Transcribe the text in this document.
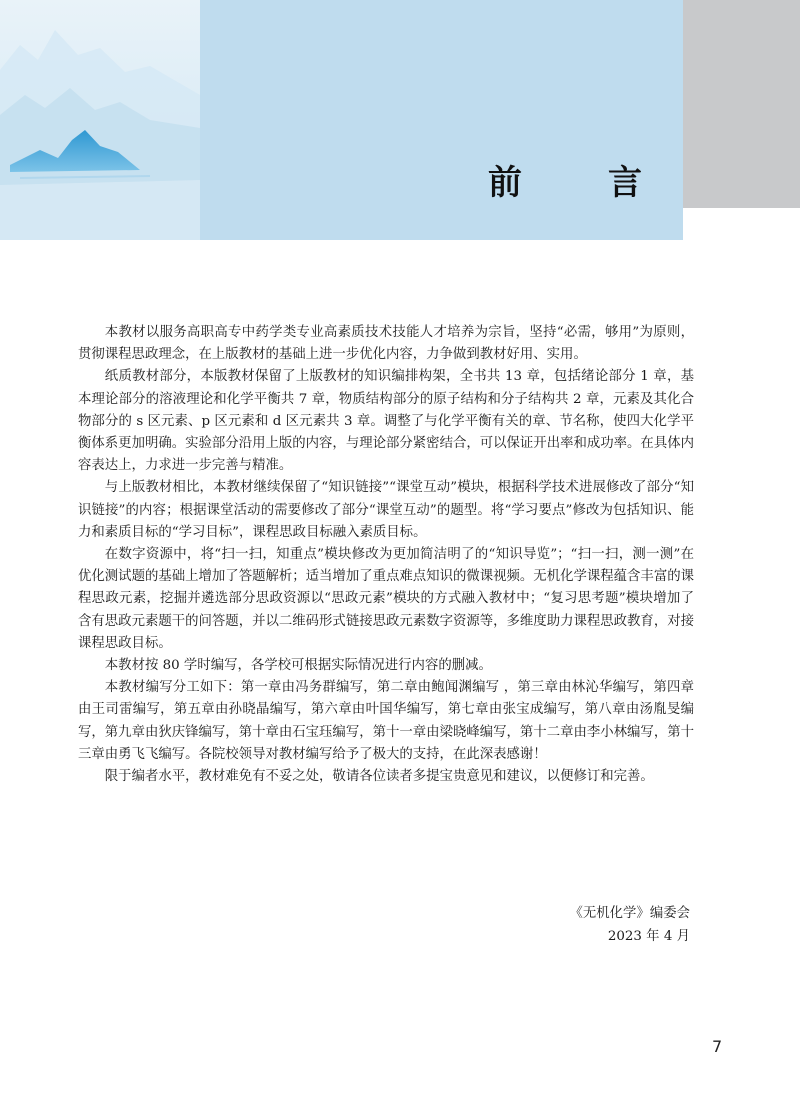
前　言

本教材以服务高职高专中药学类专业高素质技术技能人才培养为宗旨，坚持“必需，够用”为原则，贯彻课程思政理念，在上版教材的基础上进一步优化内容，力争做到教材好用、实用。

纸质教材部分，本版教材保留了上版教材的知识编排构架，全书共 13 章，包括绪论部分 1 章，基本理论部分的溶液理论和化学平衡共 7 章，物质结构部分的原子结构和分子结构共 2 章，元素及其化合物部分的 s 区元素、p 区元素和 d 区元素共 3 章。调整了与化学平衡有关的章、节名称，使四大化学平衡体系更加明确。实验部分沿用上版的内容，与理论部分紧密结合，可以保证开出率和成功率。在具体内容表达上，力求进一步完善与精准。

与上版教材相比，本教材继续保留了“知识链接”“课堂互动”模块，根据科学技术进展修改了部分“知识链接”的内容；根据课堂活动的需要修改了部分“课堂互动”的题型。将“学习要点”修改为包括知识、能力和素质目标的“学习目标”，课程思政目标融入素质目标。

在数字资源中，将“扫一扫，知重点”模块修改为更加简洁明了的“知识导览”；“扫一扫，测一测”在优化测试题的基础上增加了答题解析；适当增加了重点难点知识的微课视频。无机化学课程蕴含丰富的课程思政元素，挖掘并遴选部分思政资源以“思政元素”模块的方式融入教材中；“复习思考题”模块增加了含有思政元素题干的问答题，并以二维码形式链接思政元素数字资源等，多维度助力课程思政教育，对接课程思政目标。

本教材按 80 学时编写，各学校可根据实际情况进行内容的删减。

本教材编写分工如下：第一章由冯务群编写，第二章由鲍闻渊编写 ，第三章由林沁华编写，第四章由王司雷编写，第五章由孙晓晶编写，第六章由叶国华编写，第七章由张宝成编写，第八章由汤胤旻编写，第九章由狄庆锋编写，第十章由石宝珏编写，第十一章由梁晓峰编写，第十二章由李小林编写，第十三章由勇飞飞编写。各院校领导对教材编写给予了极大的支持，在此深表感谢！

限于编者水平，教材难免有不妥之处，敬请各位读者多提宝贵意见和建议，以便修订和完善。

《无机化学》编委会
2023 年 4 月
7
